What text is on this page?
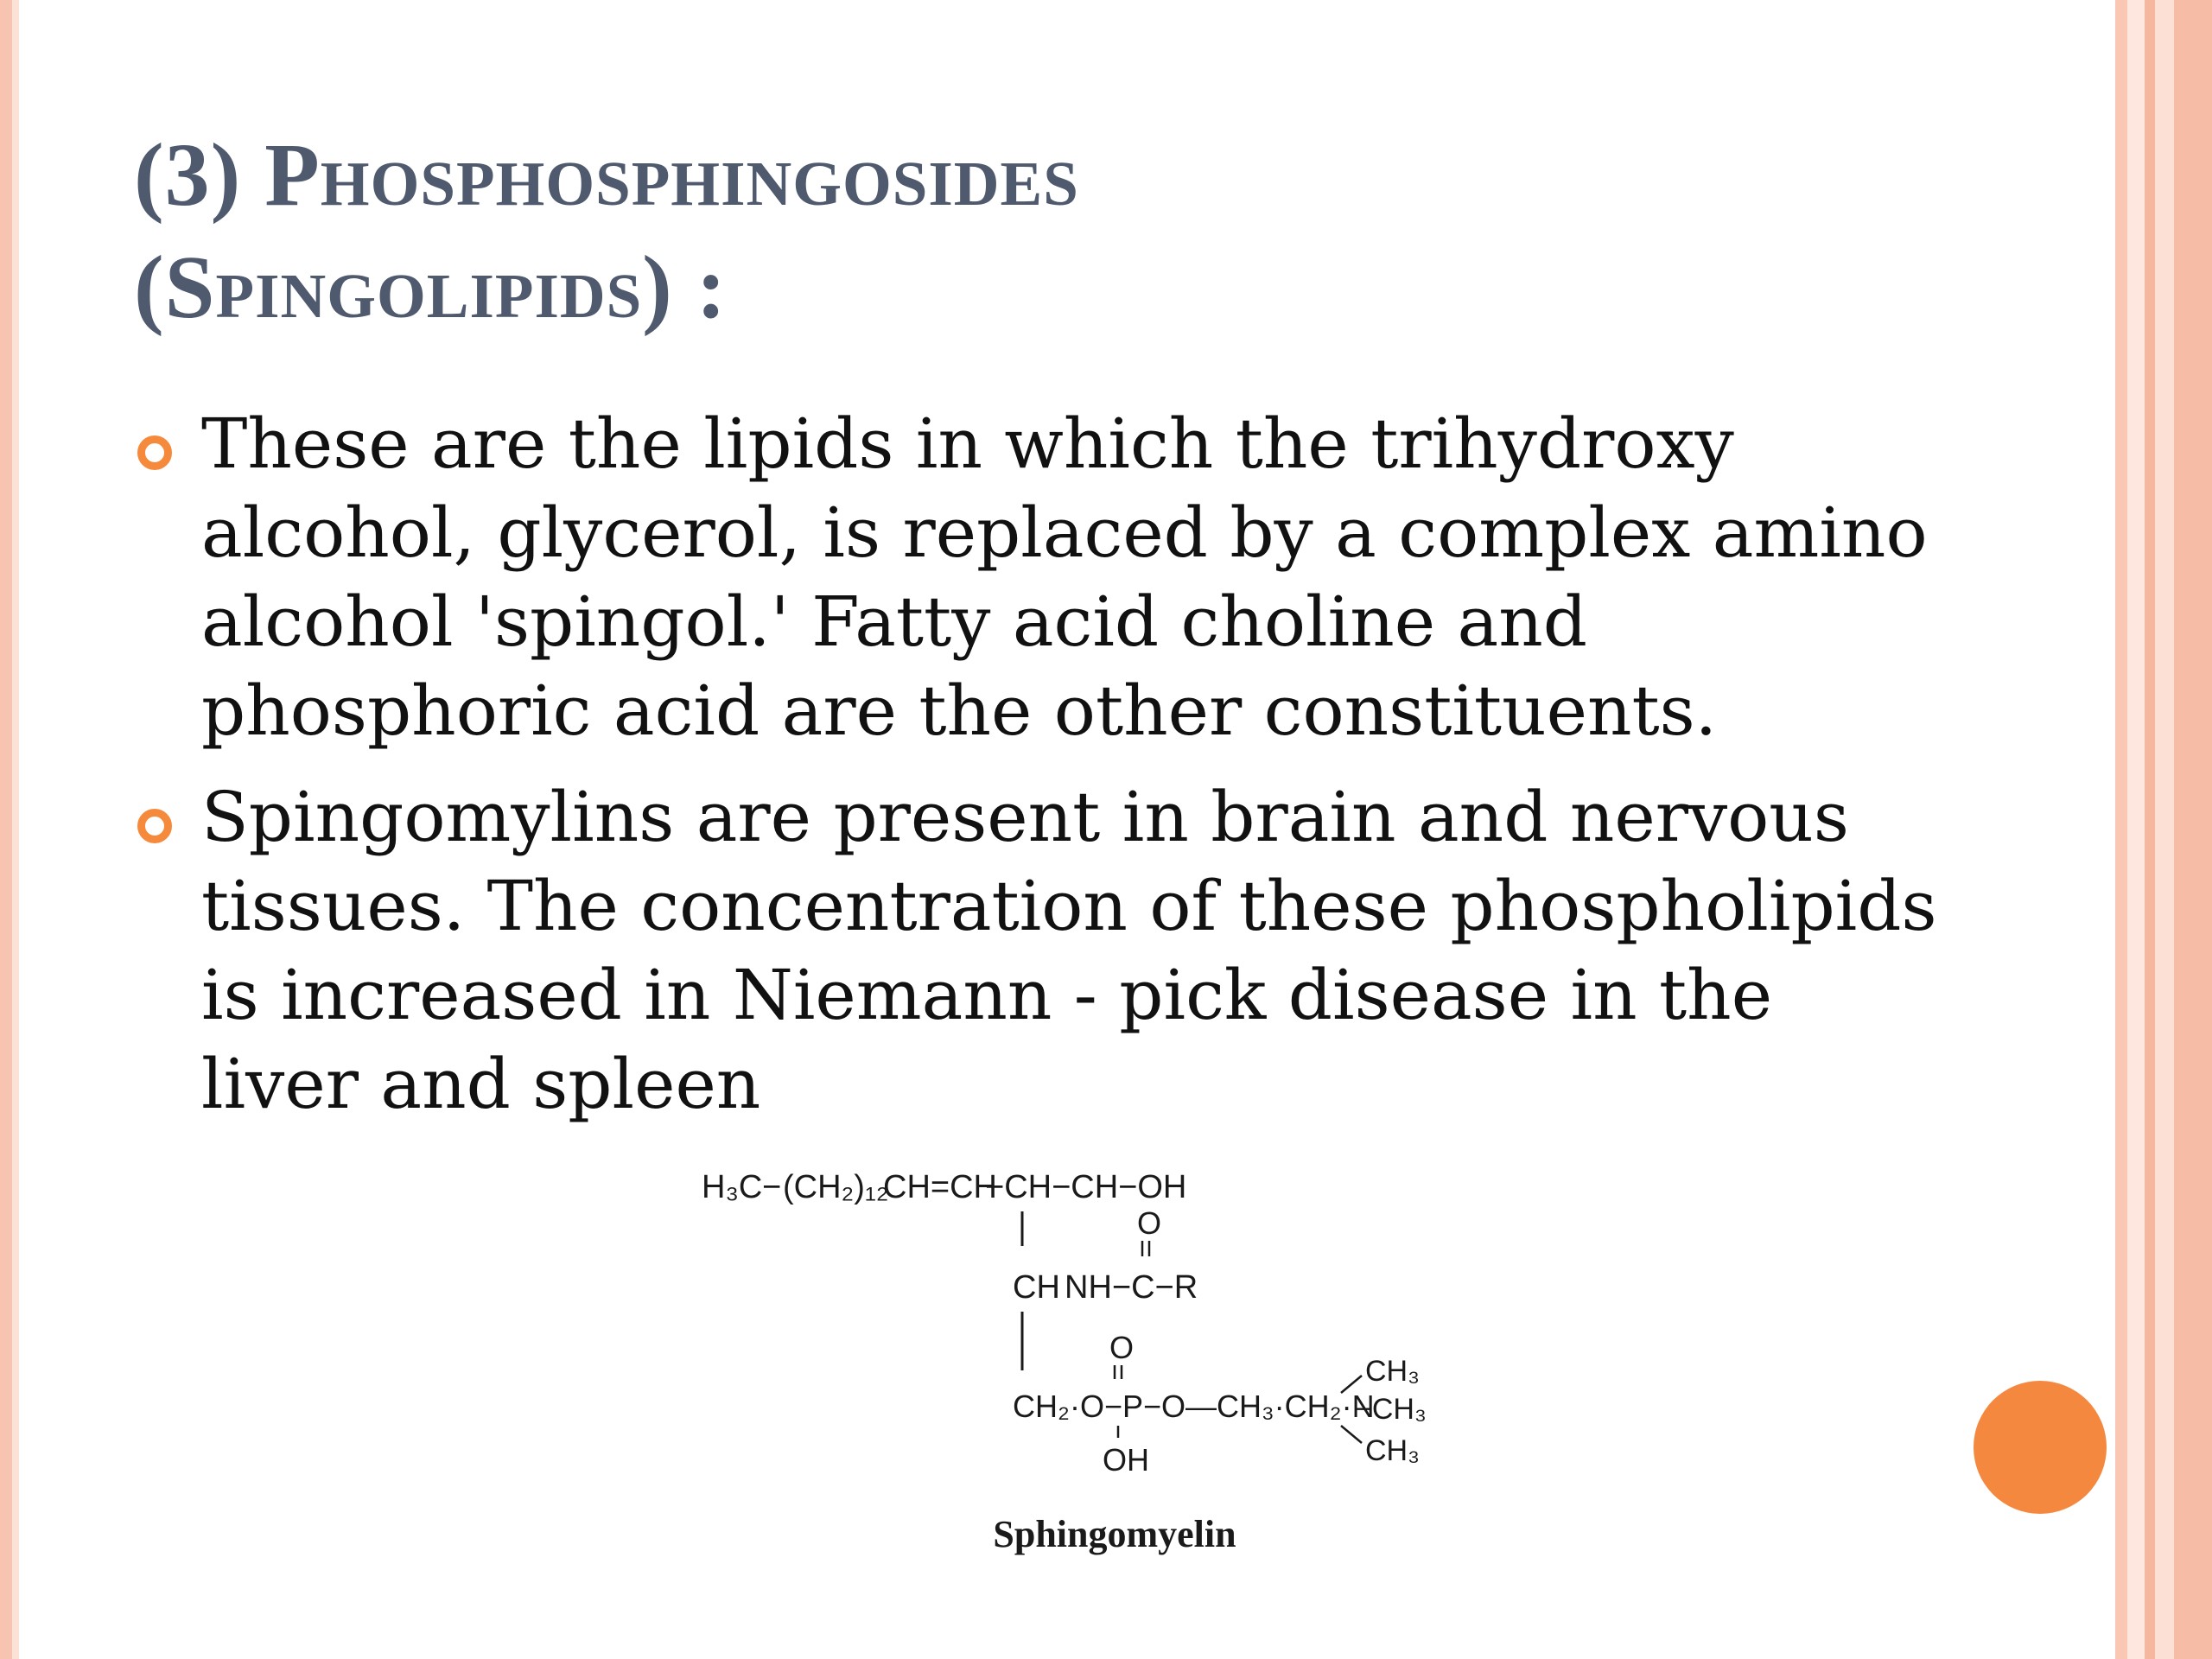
(3) Phosphosphingosides
(Spingolipids) :
These are the lipids in which the trihydroxy
alcohol, glycerol, is replaced by a complex amino
alcohol 'spingol.' Fatty acid choline and
phosphoric acid are the other constituents.
Spingomylins are present in brain and nervous
tissues. The concentration of these phospholipids
is increased in Niemann - pick disease in the
liver and spleen
H₃C − (CH₂)₁₂
CH=CH
−CH−CH−OH
O
CH NH−C−R
O
CH₂·O−P−O—CH₃·CH₂·N
CH₃
−CH₃
CH₃
OH
Sphingomyelin
